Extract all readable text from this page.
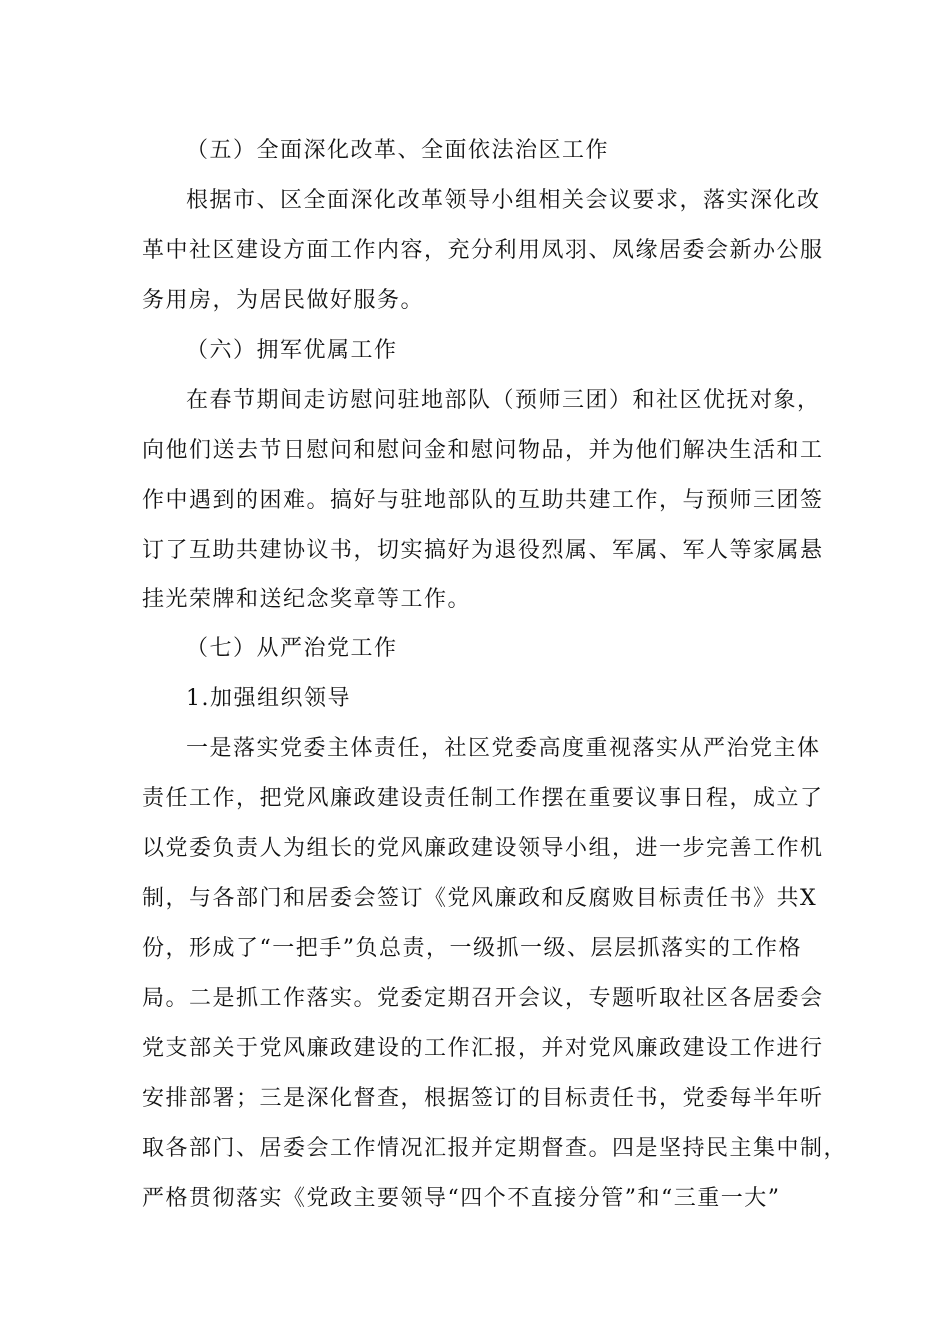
（五）全面深化改革、全面依法治区工作
根据市、区全面深化改革领导小组相关会议要求，落实深化改
革中社区建设方面工作内容，充分利用凤羽、凤缘居委会新办公服
务用房，为居民做好服务。
（六）拥军优属工作
在春节期间走访慰问驻地部队（预师三团）和社区优抚对象，
向他们送去节日慰问和慰问金和慰问物品，并为他们解决生活和工
作中遇到的困难。搞好与驻地部队的互助共建工作，与预师三团签
订了互助共建协议书，切实搞好为退役烈属、军属、军人等家属悬
挂光荣牌和送纪念奖章等工作。
（七）从严治党工作
1.加强组织领导
一是落实党委主体责任，社区党委高度重视落实从严治党主体
责任工作，把党风廉政建设责任制工作摆在重要议事日程，成立了
以党委负责人为组长的党风廉政建设领导小组，进一步完善工作机
制，与各部门和居委会签订《党风廉政和反腐败目标责任书》共X
份，形成了“一把手”负总责，一级抓一级、层层抓落实的工作格
局。二是抓工作落实。党委定期召开会议，专题听取社区各居委会
党支部关于党风廉政建设的工作汇报，并对党风廉政建设工作进行
安排部署；三是深化督查，根据签订的目标责任书，党委每半年听
取各部门、居委会工作情况汇报并定期督查。四是坚持民主集中制，
严格贯彻落实《党政主要领导“四个不直接分管”和“三重一大”
